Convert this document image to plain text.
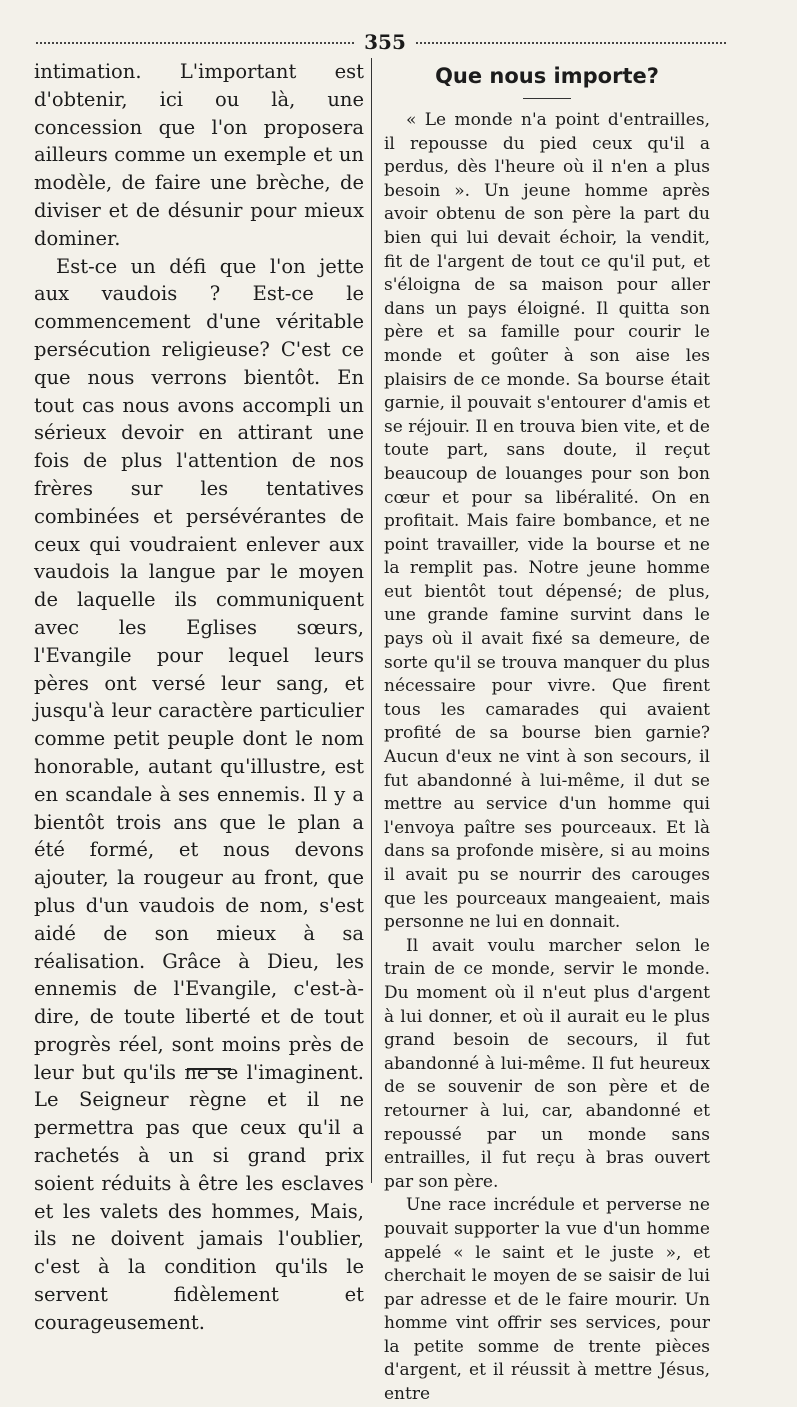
355

intimation. L'important est d'obtenir, ici ou là, une concession que l'on proposera ailleurs comme un exemple et un modèle, de faire une brèche, de diviser et de désunir pour mieux dominer.

Est-ce un défi que l'on jette aux vaudois ? Est-ce le commencement d'une véritable persécution religieuse? C'est ce que nous verrons bientôt. En tout cas nous avons accompli un sérieux devoir en attirant une fois de plus l'attention de nos frères sur les tentatives combinées et persévérantes de ceux qui voudraient enlever aux vaudois la langue par le moyen de laquelle ils communiquent avec les Eglises sœurs, l'Evangile pour lequel leurs pères ont versé leur sang, et jusqu'à leur caractère particulier comme petit peuple dont le nom honorable, autant qu'illustre, est en scandale à ses ennemis. Il y a bientôt trois ans que le plan a été formé, et nous devons ajouter, la rougeur au front, que plus d'un vaudois de nom, s'est aidé de son mieux à sa réalisation. Grâce à Dieu, les ennemis de l'Evangile, c'est-à-dire, de toute liberté et de tout progrès réel, sont moins près de leur but qu'ils ne se l'imaginent. Le Seigneur règne et il ne permettra pas que ceux qu'il a rachetés à un si grand prix soient réduits à être les esclaves et les valets des hommes, Mais, ils ne doivent jamais l'oublier, c'est à la condition qu'ils le servent fidèlement et courageusement.

Que nous importe?

« Le monde n'a point d'entrailles, il repousse du pied ceux qu'il a perdus, dès l'heure où il n'en a plus besoin ». Un jeune homme après avoir obtenu de son père la part du bien qui lui devait échoir, la vendit, fit de l'argent de tout ce qu'il put, et s'éloigna de sa maison pour aller dans un pays éloigné. Il quitta son père et sa famille pour courir le monde et goûter à son aise les plaisirs de ce monde. Sa bourse était garnie, il pouvait s'entourer d'amis et se réjouir. Il en trouva bien vite, et de toute part, sans doute, il reçut beaucoup de louanges pour son bon cœur et pour sa libéralité. On en profitait. Mais faire bombance, et ne point travailler, vide la bourse et ne la remplit pas. Notre jeune homme eut bientôt tout dépensé; de plus, une grande famine survint dans le pays où il avait fixé sa demeure, de sorte qu'il se trouva manquer du plus nécessaire pour vivre. Que firent tous les camarades qui avaient profité de sa bourse bien garnie? Aucun d'eux ne vint à son secours, il fut abandonné à lui-même, il dut se mettre au service d'un homme qui l'envoya paître ses pourceaux. Et là dans sa profonde misère, si au moins il avait pu se nourrir des carouges que les pourceaux mangeaient, mais personne ne lui en donnait.

Il avait voulu marcher selon le train de ce monde, servir le monde. Du moment où il n'eut plus d'argent à lui donner, et où il aurait eu le plus grand besoin de secours, il fut abandonné à lui-même. Il fut heureux de se souvenir de son père et de retourner à lui, car, abandonné et repoussé par un monde sans entrailles, il fut reçu à bras ouvert par son père.

Une race incrédule et perverse ne pouvait supporter la vue d'un homme appelé « le saint et le juste », et cherchait le moyen de se saisir de lui par adresse et de le faire mourir. Un homme vint offrir ses services, pour la petite somme de trente pièces d'argent, et il réussit à mettre Jésus, entre
